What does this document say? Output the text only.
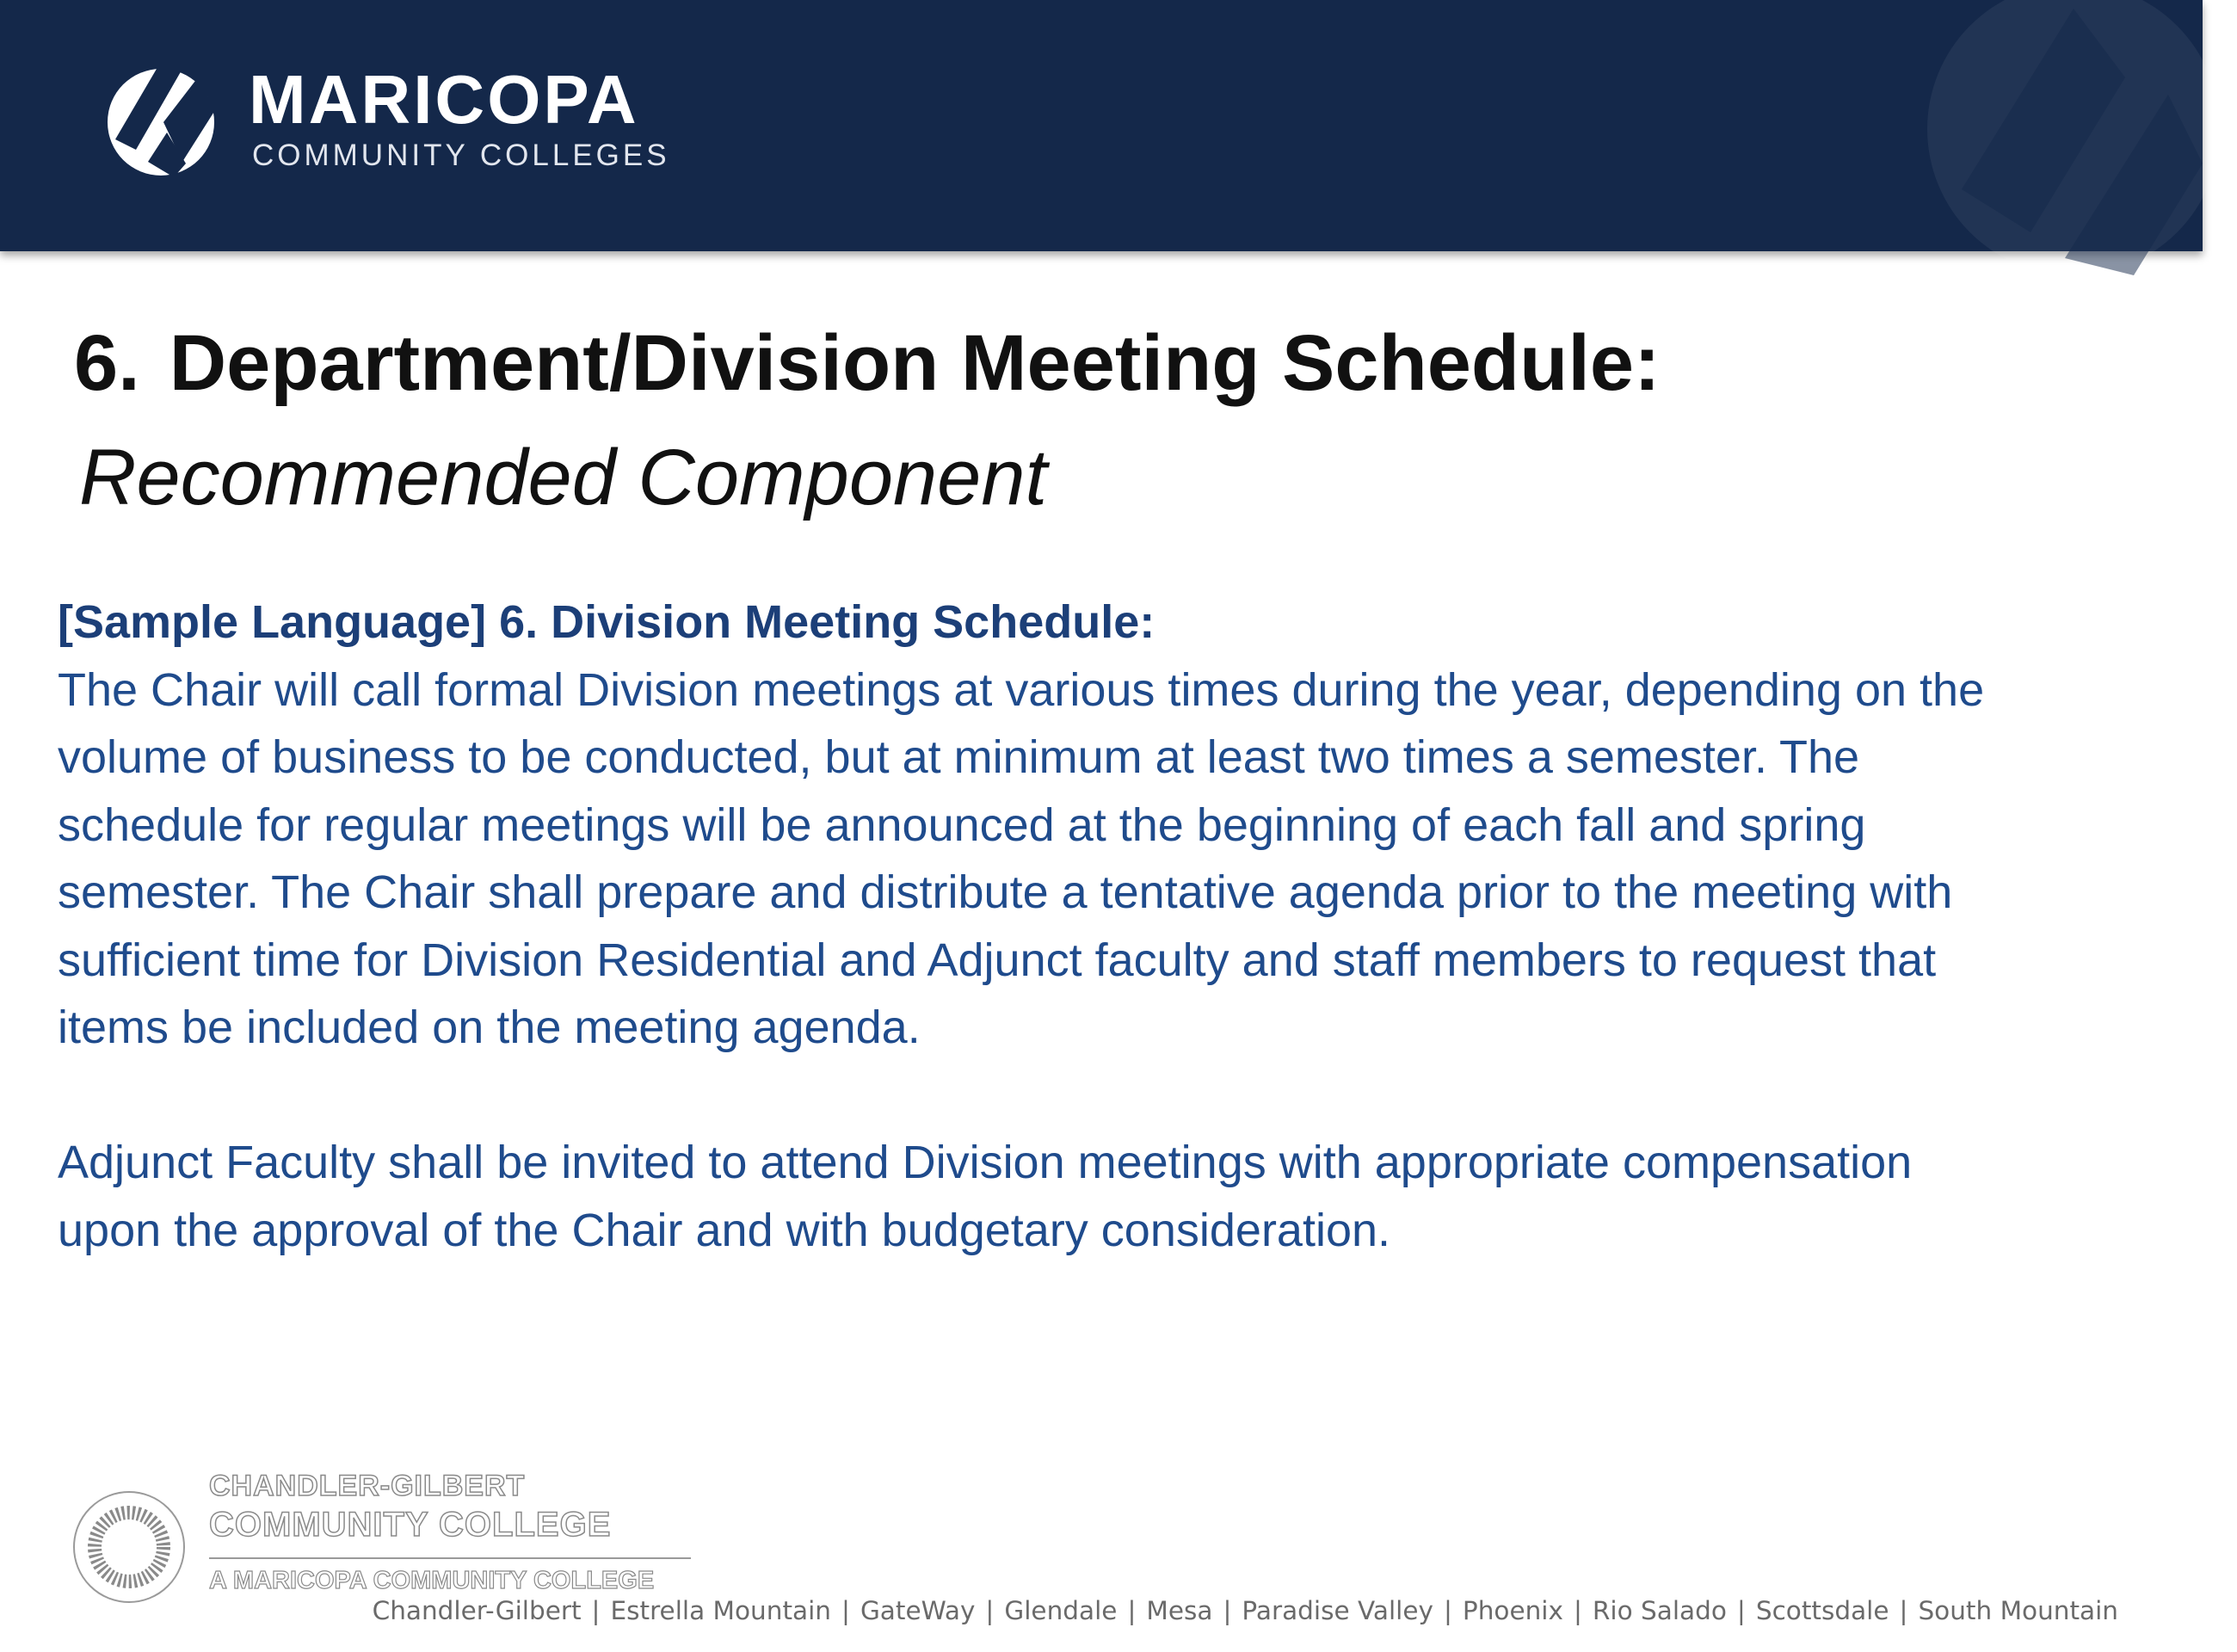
MARICOPA
COMMUNITY COLLEGES
6. Department/Division Meeting Schedule:
Recommended Component

[Sample Language] 6. Division Meeting Schedule:

The Chair will call formal Division meetings at various times during the year, depending on the

volume of business to be conducted, but at minimum at least two times a semester. The

schedule for regular meetings will be announced at the beginning of each fall and spring

semester. The Chair shall prepare and distribute a tentative agenda prior to the meeting with

sufficient time for Division Residential and Adjunct faculty and staff members to request that

items be included on the meeting agenda.

Adjunct Faculty shall be invited to attend Division meetings with appropriate compensation

upon the approval of the Chair and with budgetary consideration.

CHANDLER-GILBERT
COMMUNITY COLLEGE
A MARICOPA COMMUNITY COLLEGE
Chandler-Gilbert | Estrella Mountain | GateWay | Glendale | Mesa | Paradise Valley | Phoenix | Rio Salado | Scottsdale | South Mountain
